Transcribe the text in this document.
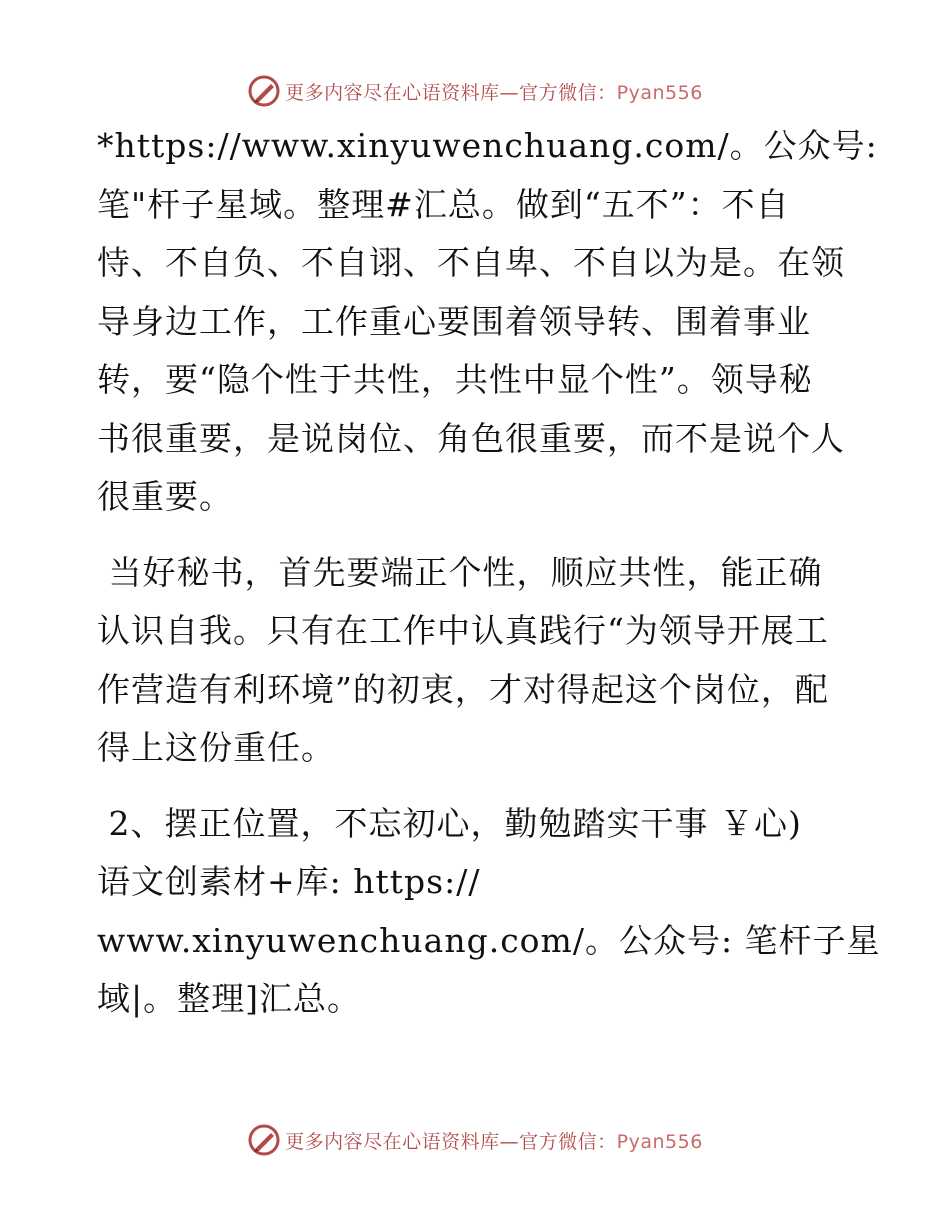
更多内容尽在心语资料库—官方微信：Pyan556

*https://www.xinyuwenchuang.com/。公众号:

笔"杆子星域。整理#汇总。做到“五不”：不自

恃、不自负、不自诩、不自卑、不自以为是。在领

导身边工作，工作重心要围着领导转、围着事业

转，要“隐个性于共性，共性中显个性”。领导秘

书很重要，是说岗位、角色很重要，而不是说个人

很重要。

当好秘书，首先要端正个性，顺应共性，能正确

认识自我。只有在工作中认真践行“为领导开展工

作营造有利环境”的初衷，才对得起这个岗位，配

得上这份重任。

2、摆正位置，不忘初心，勤勉踏实干事 ￥心)

语文创素材+库: https://

www.xinyuwenchuang.com/。公众号: 笔杆子星

域|。整理]汇总。

更多内容尽在心语资料库—官方微信：Pyan556
